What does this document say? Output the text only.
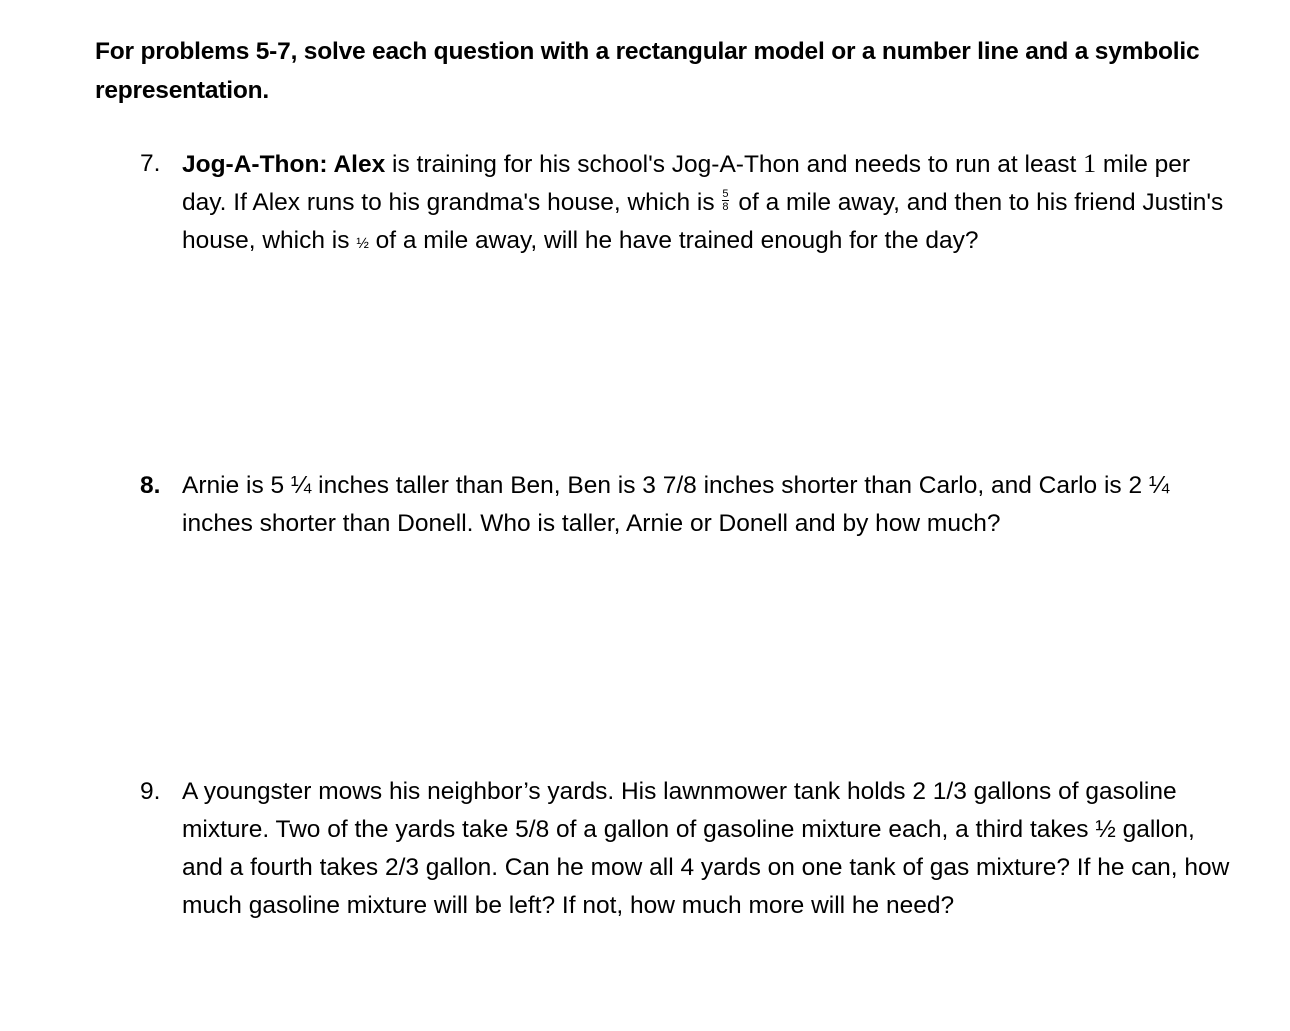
For problems 5-7, solve each question with a rectangular model or a number line and a symbolic representation.
7. Jog-A-Thon: Alex is training for his school's Jog-A-Thon and needs to run at least 1 mile per day. If Alex runs to his grandma's house, which is $\frac{5}{8}$ of a mile away, and then to his friend Justin's house, which is ½ of a mile away, will he have trained enough for the day?
8. Arnie is 5 ¼ inches taller than Ben, Ben is 3 7/8 inches shorter than Carlo, and Carlo is 2 ¼ inches shorter than Donell. Who is taller, Arnie or Donell and by how much?
9. A youngster mows his neighbor’s yards. His lawnmower tank holds 2 1/3 gallons of gasoline mixture. Two of the yards take 5/8 of a gallon of gasoline mixture each, a third takes ½ gallon, and a fourth takes 2/3 gallon. Can he mow all 4 yards on one tank of gas mixture? If he can, how much gasoline mixture will be left? If not, how much more will he need?
